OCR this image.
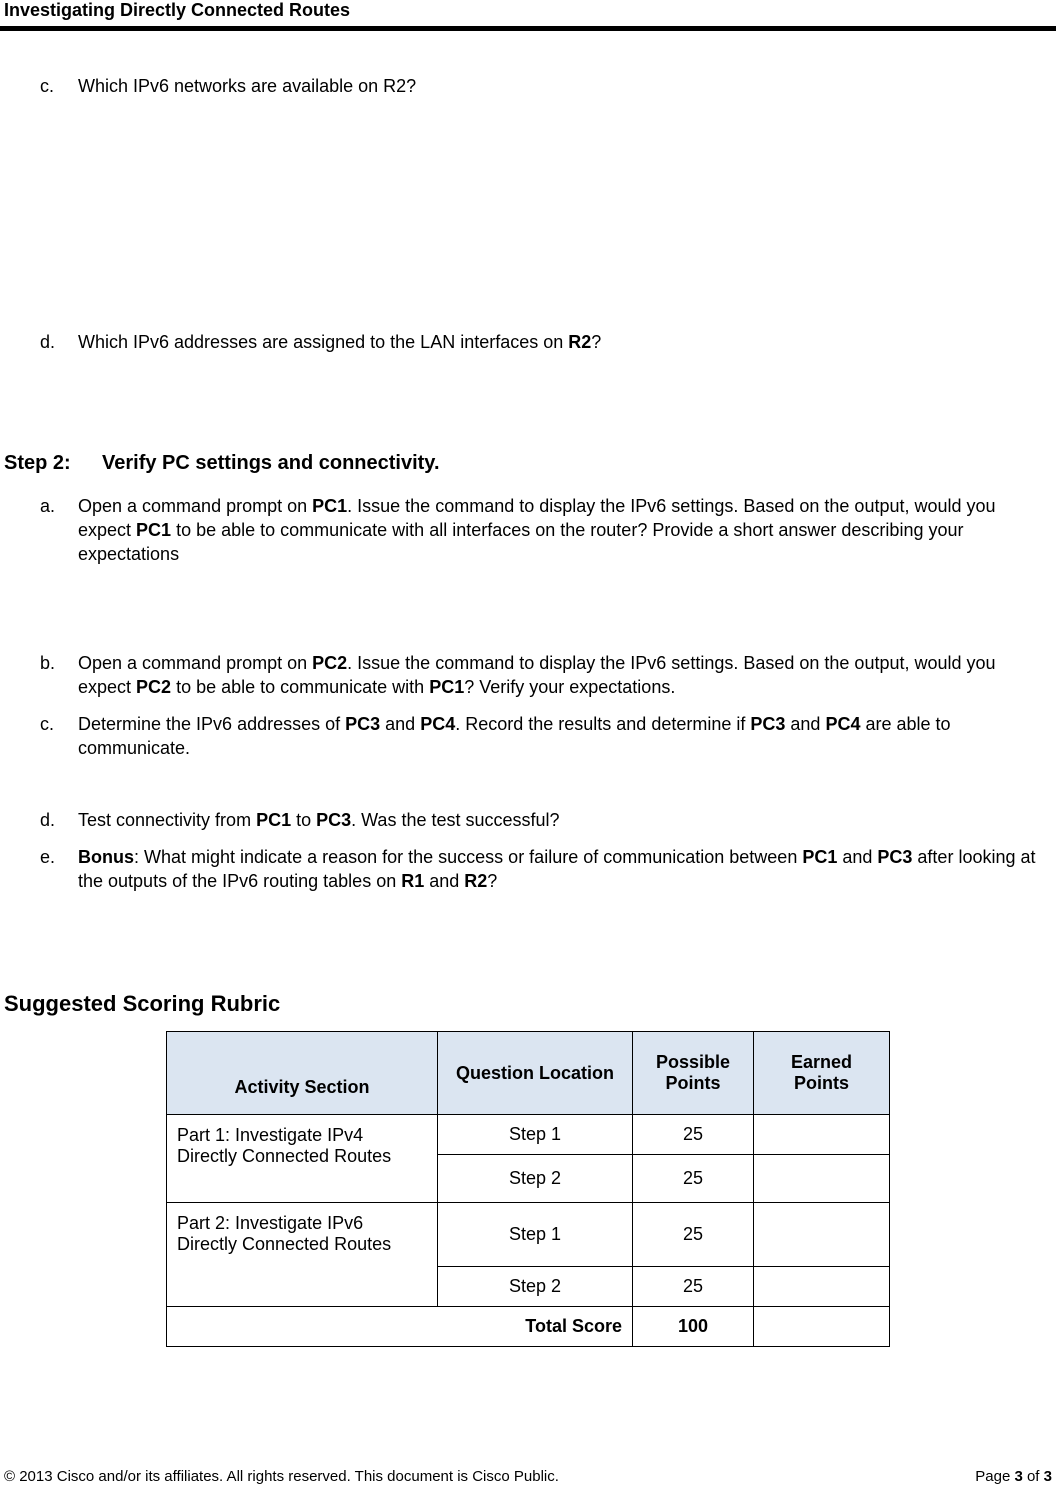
Investigating Directly Connected Routes
c. Which IPv6 networks are available on R2?
d. Which IPv6 addresses are assigned to the LAN interfaces on R2?
Step 2: Verify PC settings and connectivity.
a. Open a command prompt on PC1. Issue the command to display the IPv6 settings. Based on the output, would you expect PC1 to be able to communicate with all interfaces on the router? Provide a short answer describing your expectations
b. Open a command prompt on PC2. Issue the command to display the IPv6 settings. Based on the output, would you expect PC2 to be able to communicate with PC1? Verify your expectations.
c. Determine the IPv6 addresses of PC3 and PC4. Record the results and determine if PC3 and PC4 are able to communicate.
d. Test connectivity from PC1 to PC3. Was the test successful?
e. Bonus: What might indicate a reason for the success or failure of communication between PC1 and PC3 after looking at the outputs of the IPv6 routing tables on R1 and R2?
Suggested Scoring Rubric
Activity Section	Question Location	Possible Points	Earned Points
Part 1: Investigate IPv4 Directly Connected Routes	Step 1	25	
	Step 2	25	
Part 2: Investigate IPv6 Directly Connected Routes	Step 1	25	
	Step 2	25	
Total Score		100	
© 2013 Cisco and/or its affiliates. All rights reserved. This document is Cisco Public.	Page 3 of 3
